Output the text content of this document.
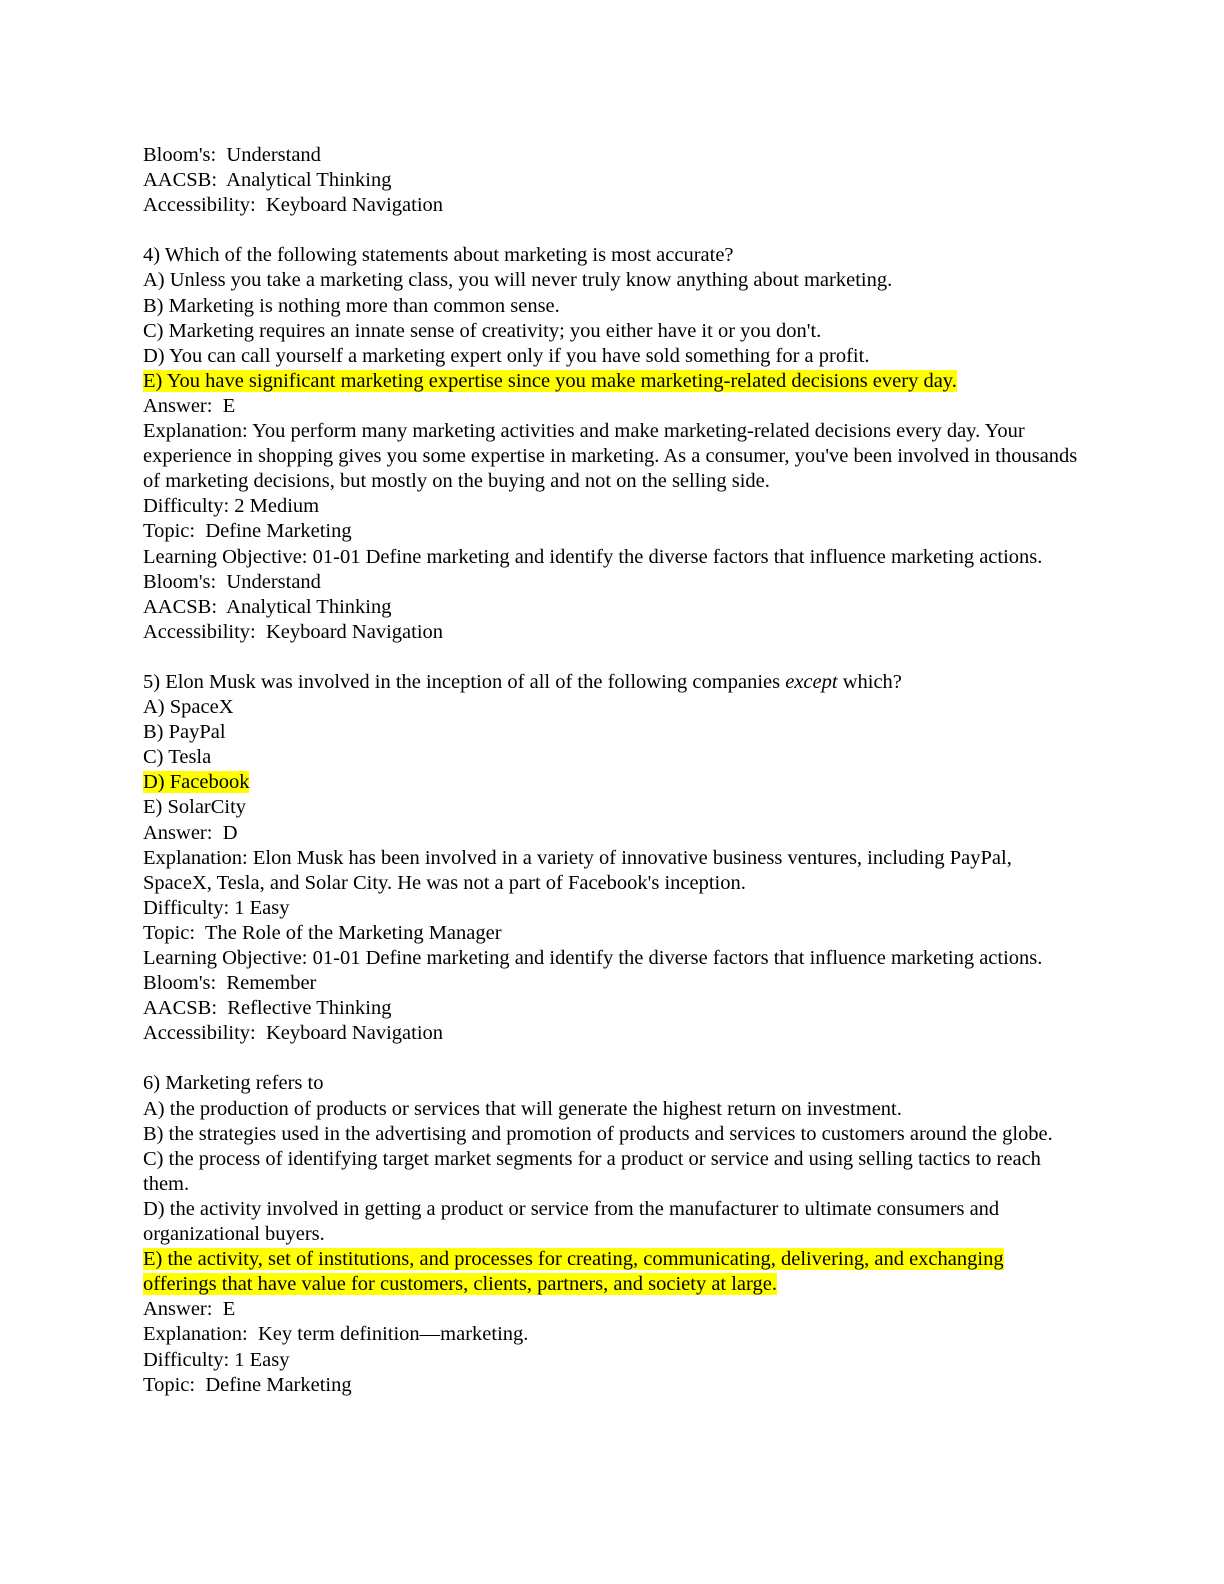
Bloom's:  Understand
AACSB:  Analytical Thinking
Accessibility:  Keyboard Navigation
4) Which of the following statements about marketing is most accurate?
A) Unless you take a marketing class, you will never truly know anything about marketing.
B) Marketing is nothing more than common sense.
C) Marketing requires an innate sense of creativity; you either have it or you don't.
D) You can call yourself a marketing expert only if you have sold something for a profit.
E) You have significant marketing expertise since you make marketing-related decisions every day.
Answer:  E
Explanation: You perform many marketing activities and make marketing-related decisions every day. Your experience in shopping gives you some expertise in marketing. As a consumer, you've been involved in thousands of marketing decisions, but mostly on the buying and not on the selling side.
Difficulty: 2 Medium
Topic:  Define Marketing
Learning Objective: 01-01 Define marketing and identify the diverse factors that influence marketing actions.
Bloom's:  Understand
AACSB:  Analytical Thinking
Accessibility:  Keyboard Navigation
5) Elon Musk was involved in the inception of all of the following companies except which?
A) SpaceX
B) PayPal
C) Tesla
D) Facebook
E) SolarCity
Answer:  D
Explanation: Elon Musk has been involved in a variety of innovative business ventures, including PayPal, SpaceX, Tesla, and Solar City. He was not a part of Facebook's inception.
Difficulty: 1 Easy
Topic:  The Role of the Marketing Manager
Learning Objective: 01-01 Define marketing and identify the diverse factors that influence marketing actions.
Bloom's:  Remember
AACSB:  Reflective Thinking
Accessibility:  Keyboard Navigation
6) Marketing refers to
A) the production of products or services that will generate the highest return on investment.
B) the strategies used in the advertising and promotion of products and services to customers around the globe.
C) the process of identifying target market segments for a product or service and using selling tactics to reach them.
D) the activity involved in getting a product or service from the manufacturer to ultimate consumers and organizational buyers.
E) the activity, set of institutions, and processes for creating, communicating, delivering, and exchanging offerings that have value for customers, clients, partners, and society at large.
Answer:  E
Explanation:  Key term definition—marketing.
Difficulty: 1 Easy
Topic:  Define Marketing
